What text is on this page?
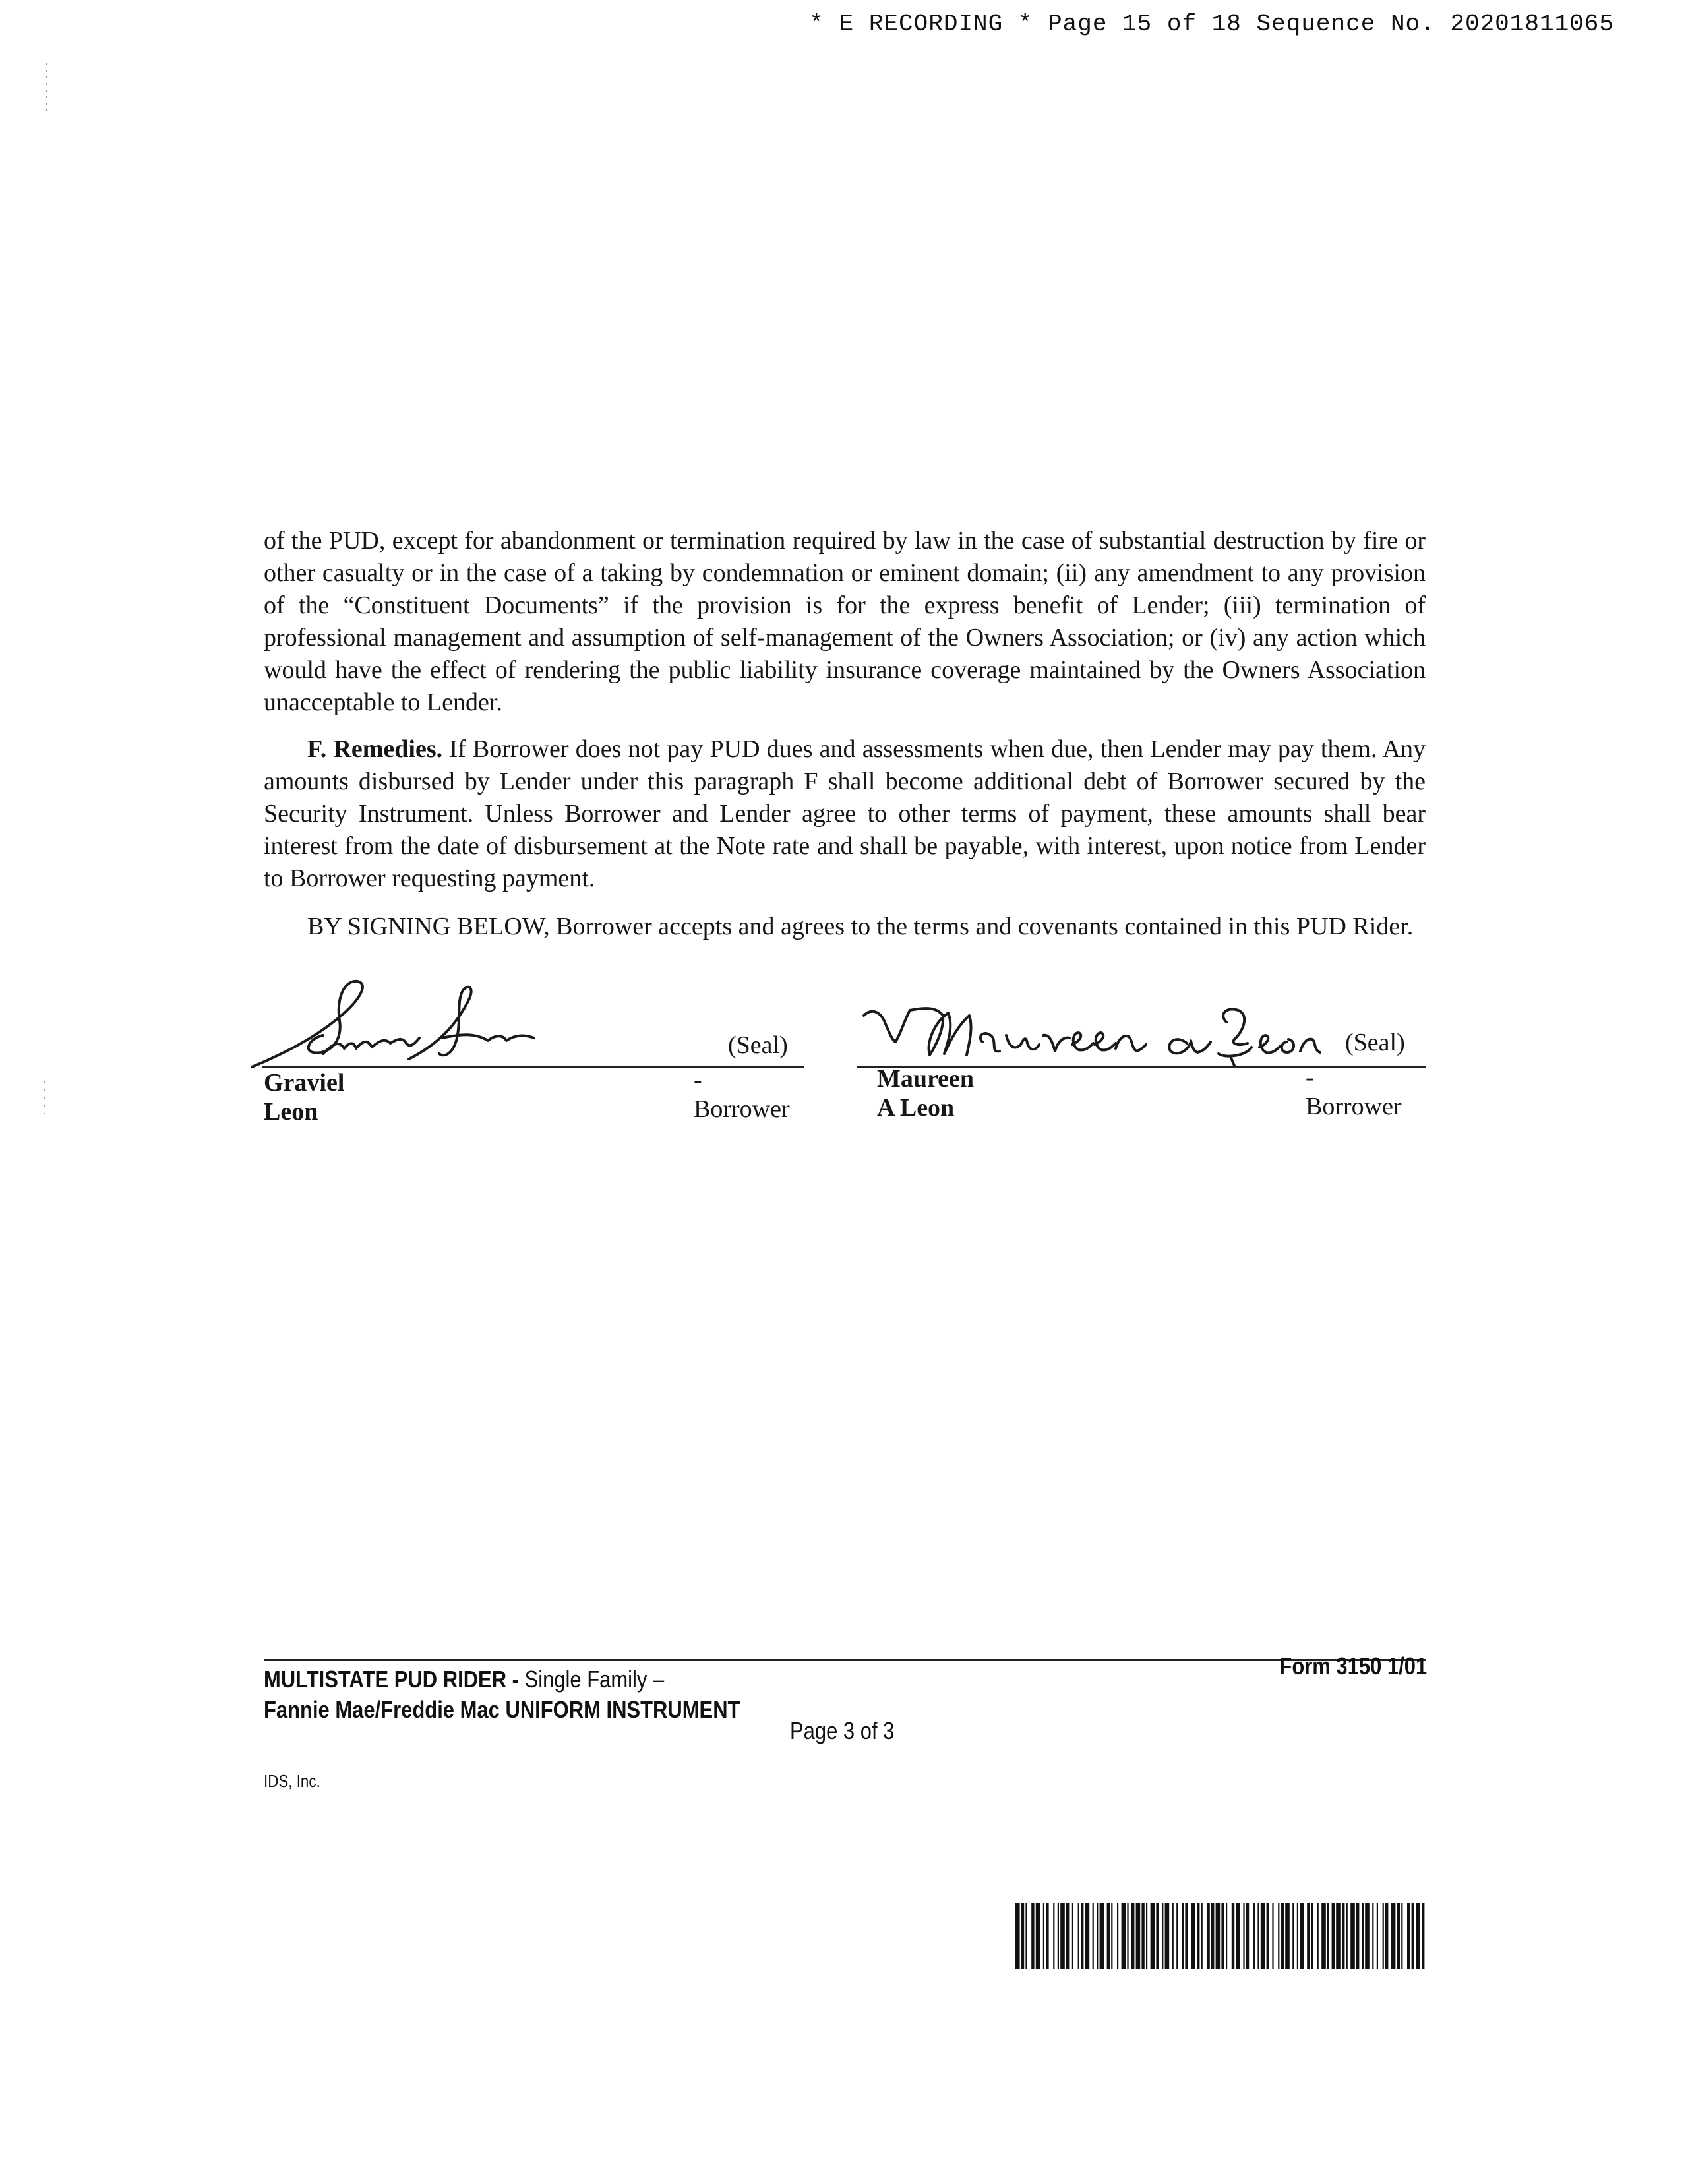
* E RECORDING * Page 15 of 18 Sequence No. 20201811065

of the PUD, except for abandonment or termination required by law in the case of substantial destruction by fire or other casualty or in the case of a taking by condemnation or eminent domain; (ii) any amendment to any provision of the “Constituent Documents” if the provision is for the express benefit of Lender; (iii) termination of professional management and assumption of self-management of the Owners Association; or (iv) any action which would have the effect of rendering the public liability insurance coverage maintained by the Owners Association unacceptable to Lender.

F. Remedies. If Borrower does not pay PUD dues and assessments when due, then Lender may pay them. Any amounts disbursed by Lender under this paragraph F shall become additional debt of Borrower secured by the Security Instrument. Unless Borrower and Lender agree to other terms of payment, these amounts shall bear interest from the date of disbursement at the Note rate and shall be payable, with interest, upon notice from Lender to Borrower requesting payment.

BY SIGNING BELOW, Borrower accepts and agrees to the terms and covenants contained in this PUD Rider.

(Seal)
Graviel Leon
-Borrower
(Seal)
Maureen A Leon
-Borrower
MULTISTATE PUD RIDER - Single Family –
Fannie Mae/Freddie Mac UNIFORM INSTRUMENT
Form 3150 1/01
Page 3 of 3
IDS, Inc.
